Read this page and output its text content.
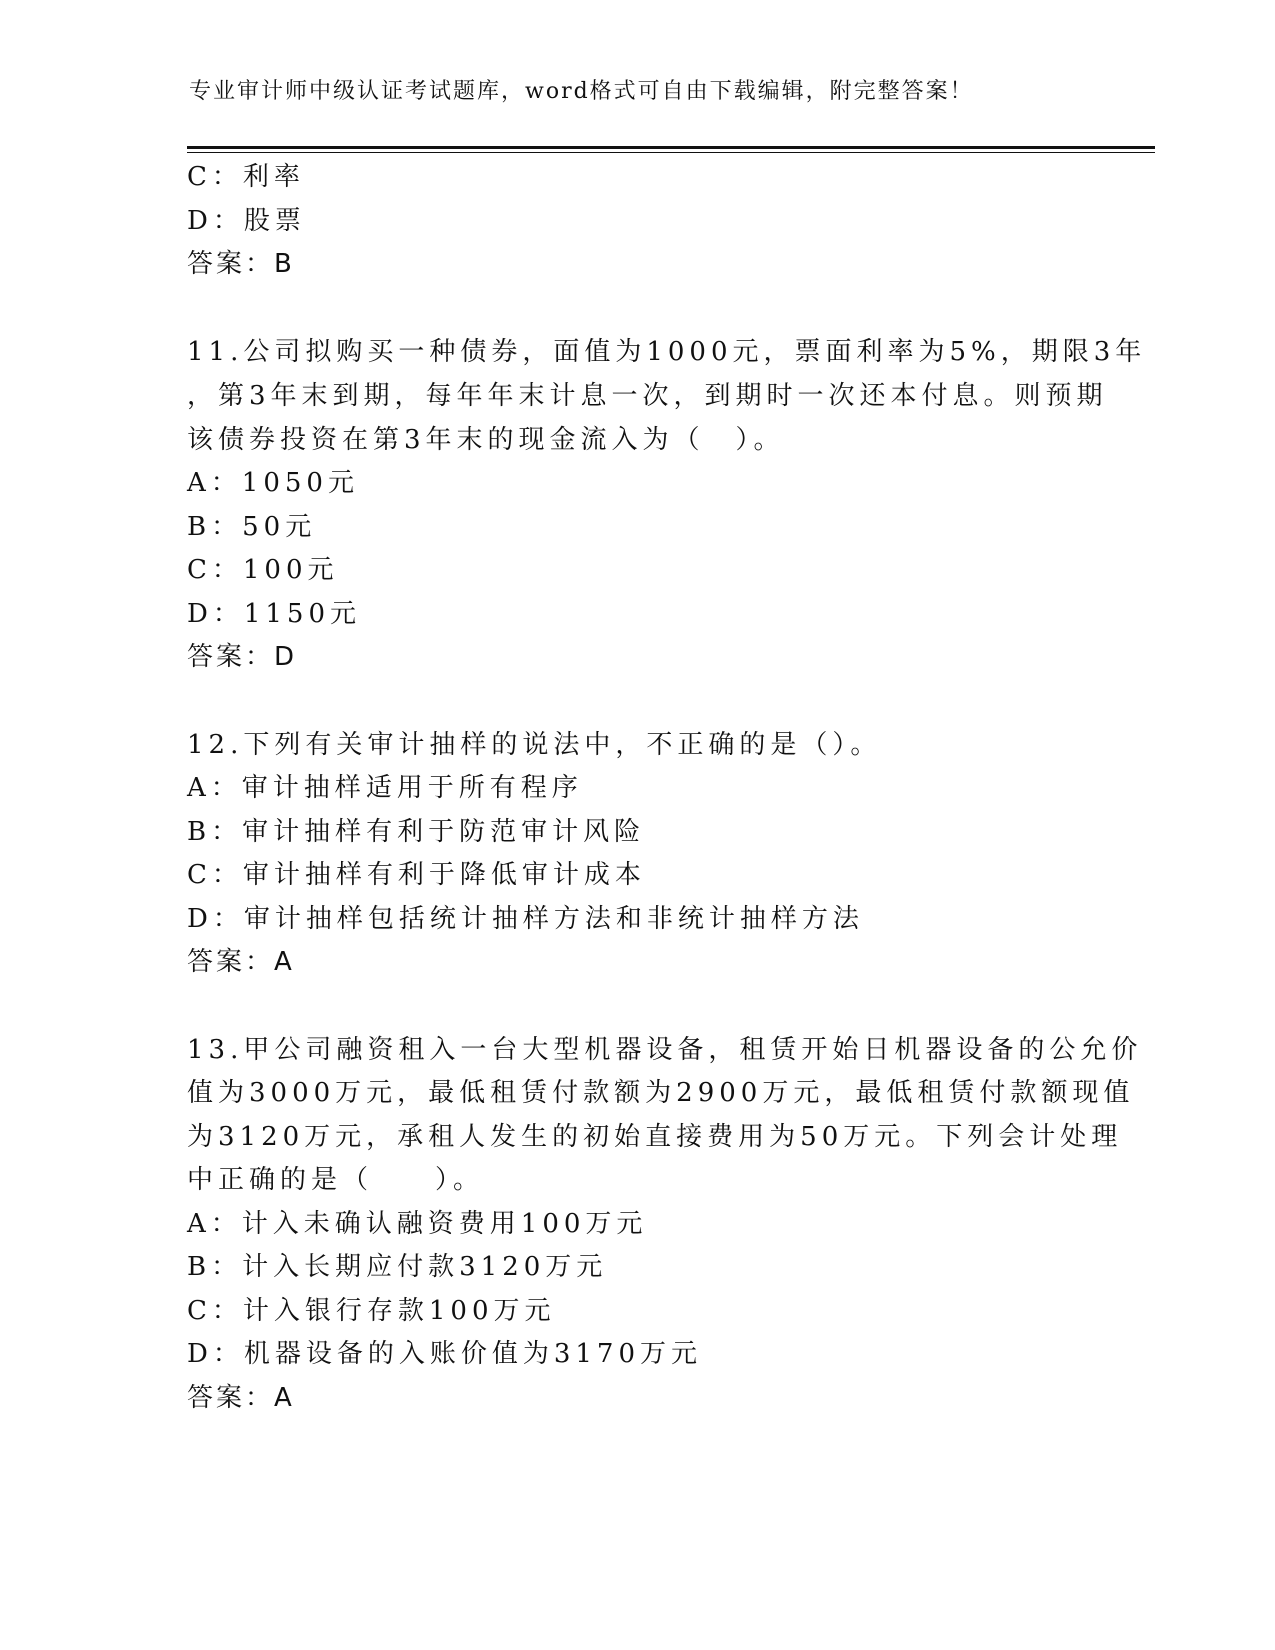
专业审计师中级认证考试题库，word格式可自由下载编辑，附完整答案！
C：利率
D：股票
答案：B
11.公司拟购买一种债券，面值为1000元，票面利率为5%，期限3年
，第3年末到期，每年年末计息一次，到期时一次还本付息。则预期
该债券投资在第3年末的现金流入为（　）。
A：1050元
B：50元
C：100元
D：1150元
答案：D
12.下列有关审计抽样的说法中，不正确的是（）。
A：审计抽样适用于所有程序
B：审计抽样有利于防范审计风险
C：审计抽样有利于降低审计成本
D：审计抽样包括统计抽样方法和非统计抽样方法
答案：A
13.甲公司融资租入一台大型机器设备，租赁开始日机器设备的公允价
值为3000万元，最低租赁付款额为2900万元，最低租赁付款额现值
为3120万元，承租人发生的初始直接费用为50万元。下列会计处理
中正确的是（　　）。
A：计入未确认融资费用100万元
B：计入长期应付款3120万元
C：计入银行存款100万元
D：机器设备的入账价值为3170万元
答案：A
